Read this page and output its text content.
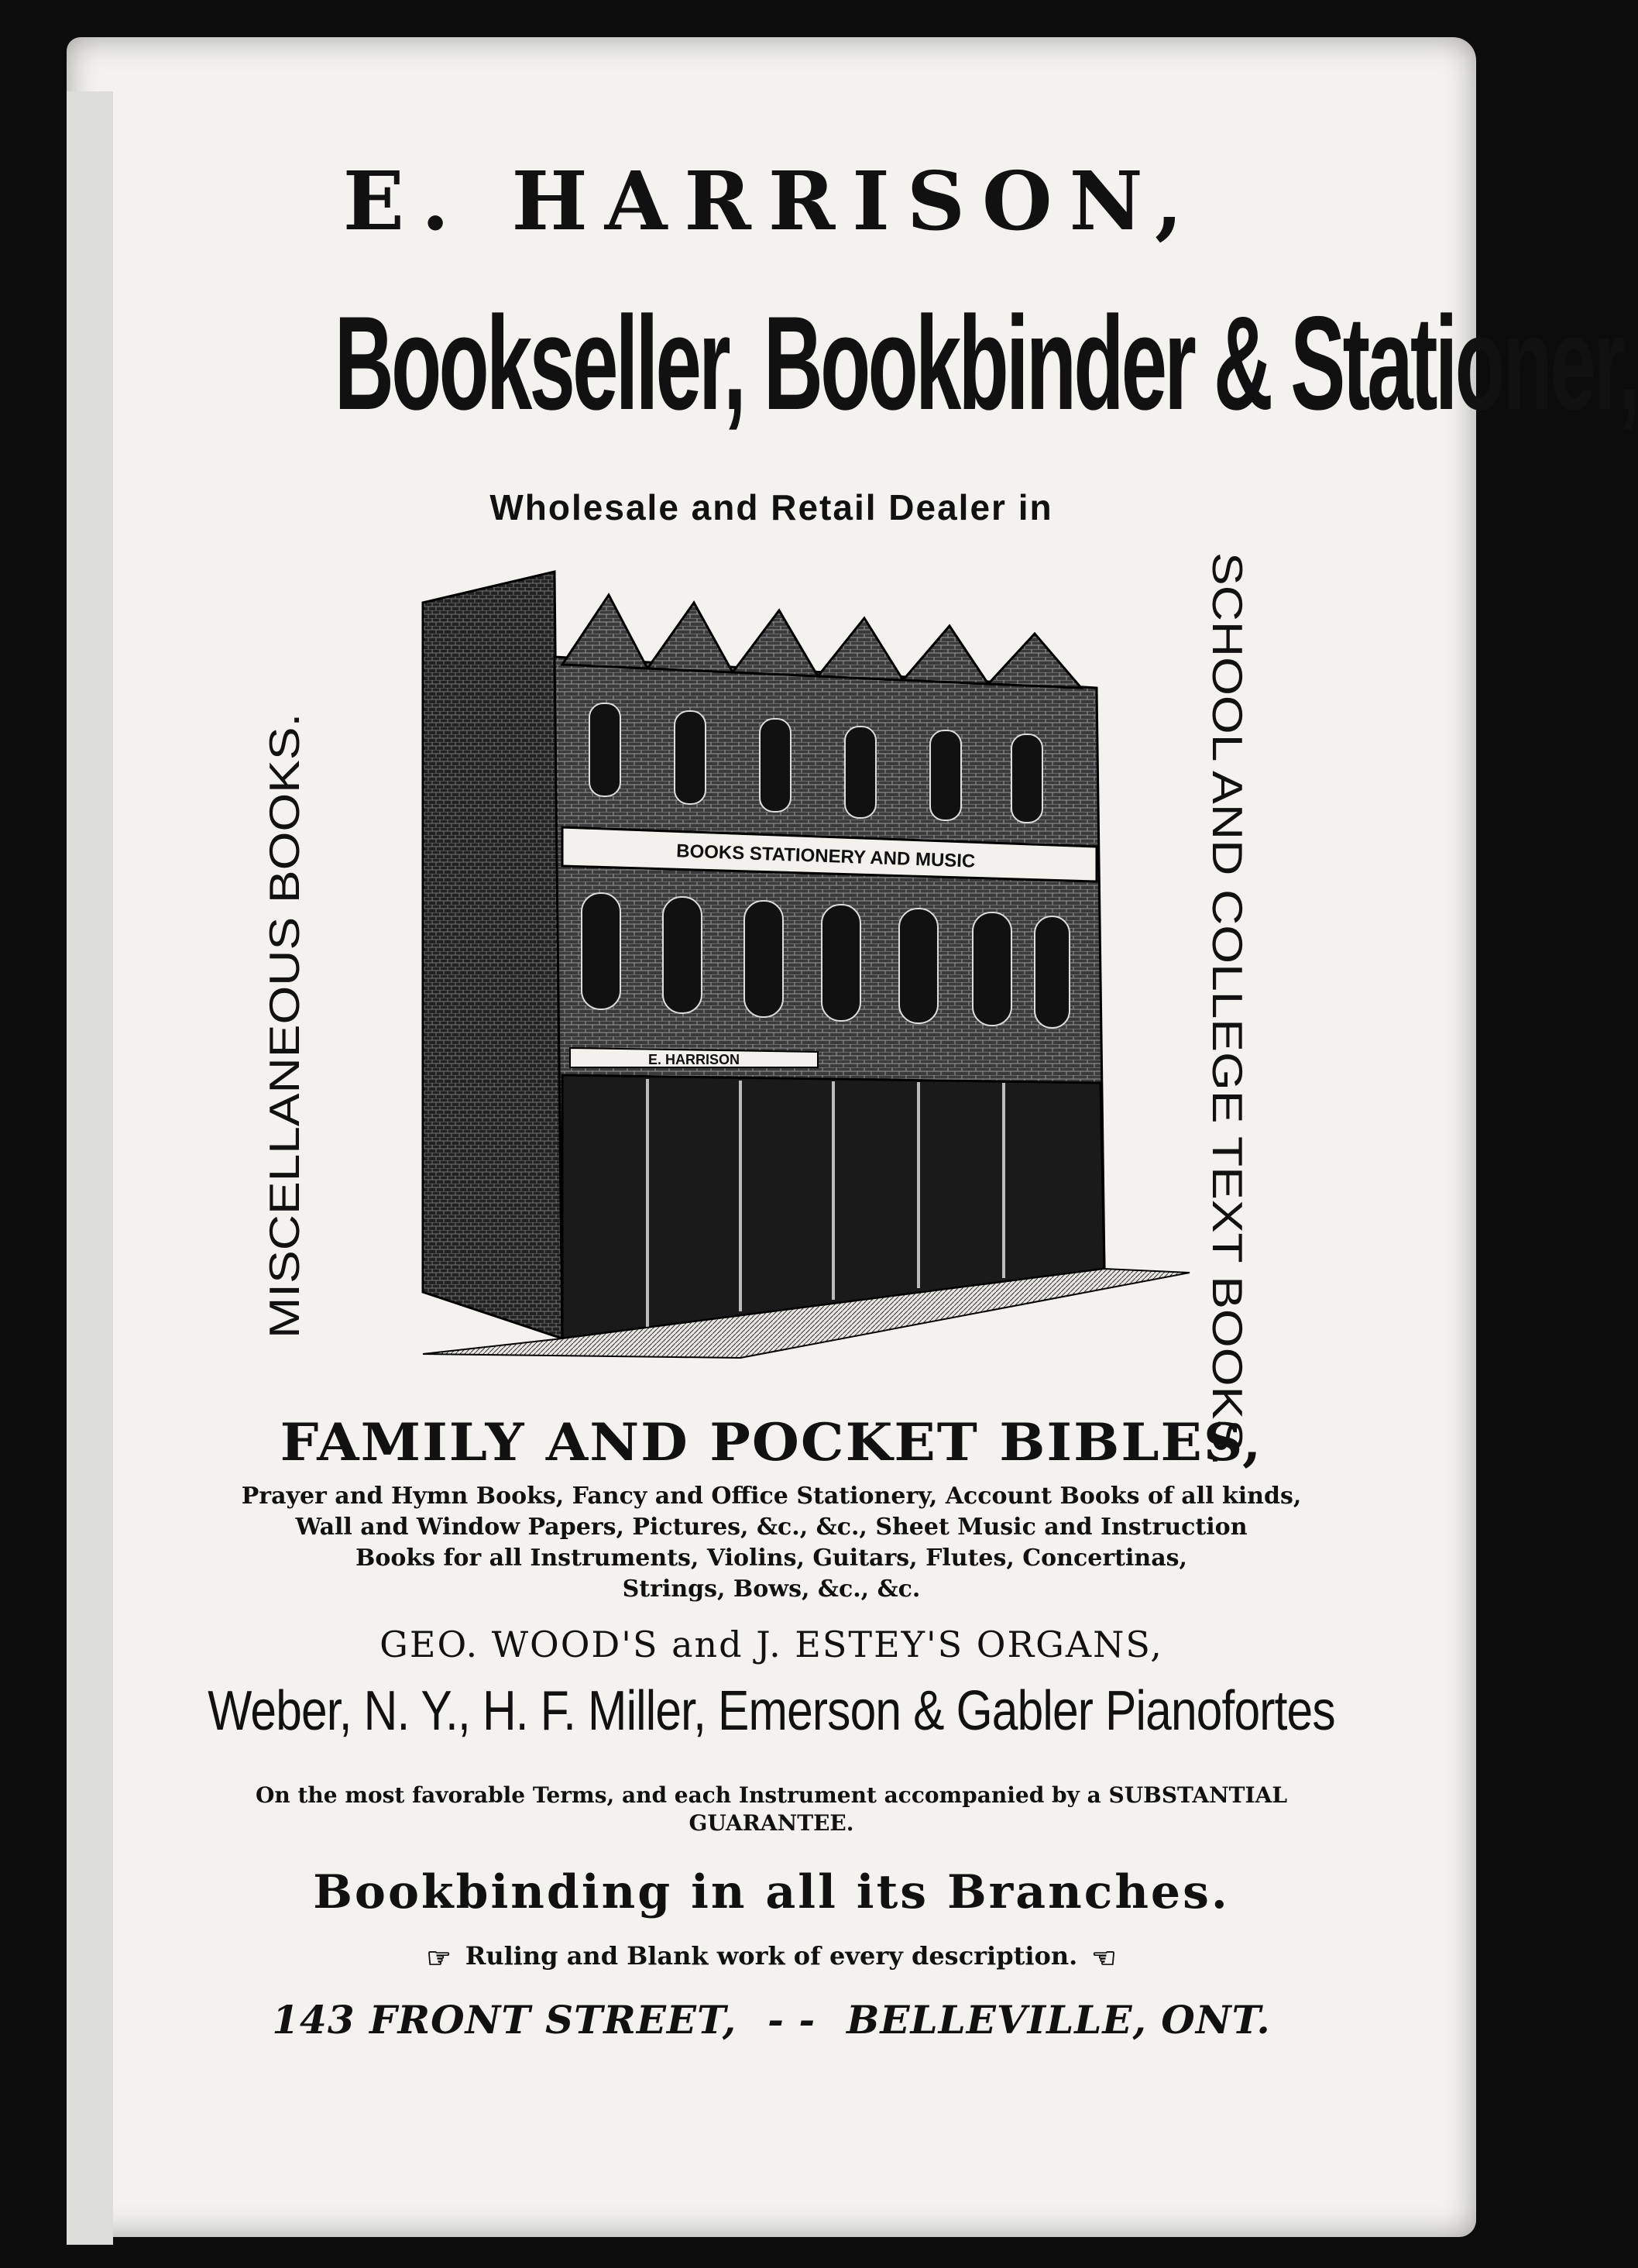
E. HARRISON,
Bookseller, Bookbinder & Stationer,
Wholesale and Retail Dealer in
MISCELLANEOUS BOOKS.	SCHOOL AND COLLEGE TEXT BOOKS.
BOOKS STATIONERY AND MUSIC
E. HARRISON
FAMILY AND POCKET BIBLES,
Prayer and Hymn Books, Fancy and Office Stationery, Account Books of all kinds,
Wall and Window Papers, Pictures, &c., &c., Sheet Music and Instruction
Books for all Instruments, Violins, Guitars, Flutes, Concertinas,
Strings, Bows, &c., &c.
GEO. WOOD'S and J. ESTEY'S ORGANS,
Weber, N. Y., H. F. Miller, Emerson & Gabler Pianofortes
On the most favorable Terms, and each Instrument accompanied by a SUBSTANTIAL
GUARANTEE.
Bookbinding in all its Branches.
☞ Ruling and Blank work of every description. ☜
143 FRONT STREET, - - BELLEVILLE, ONT.
